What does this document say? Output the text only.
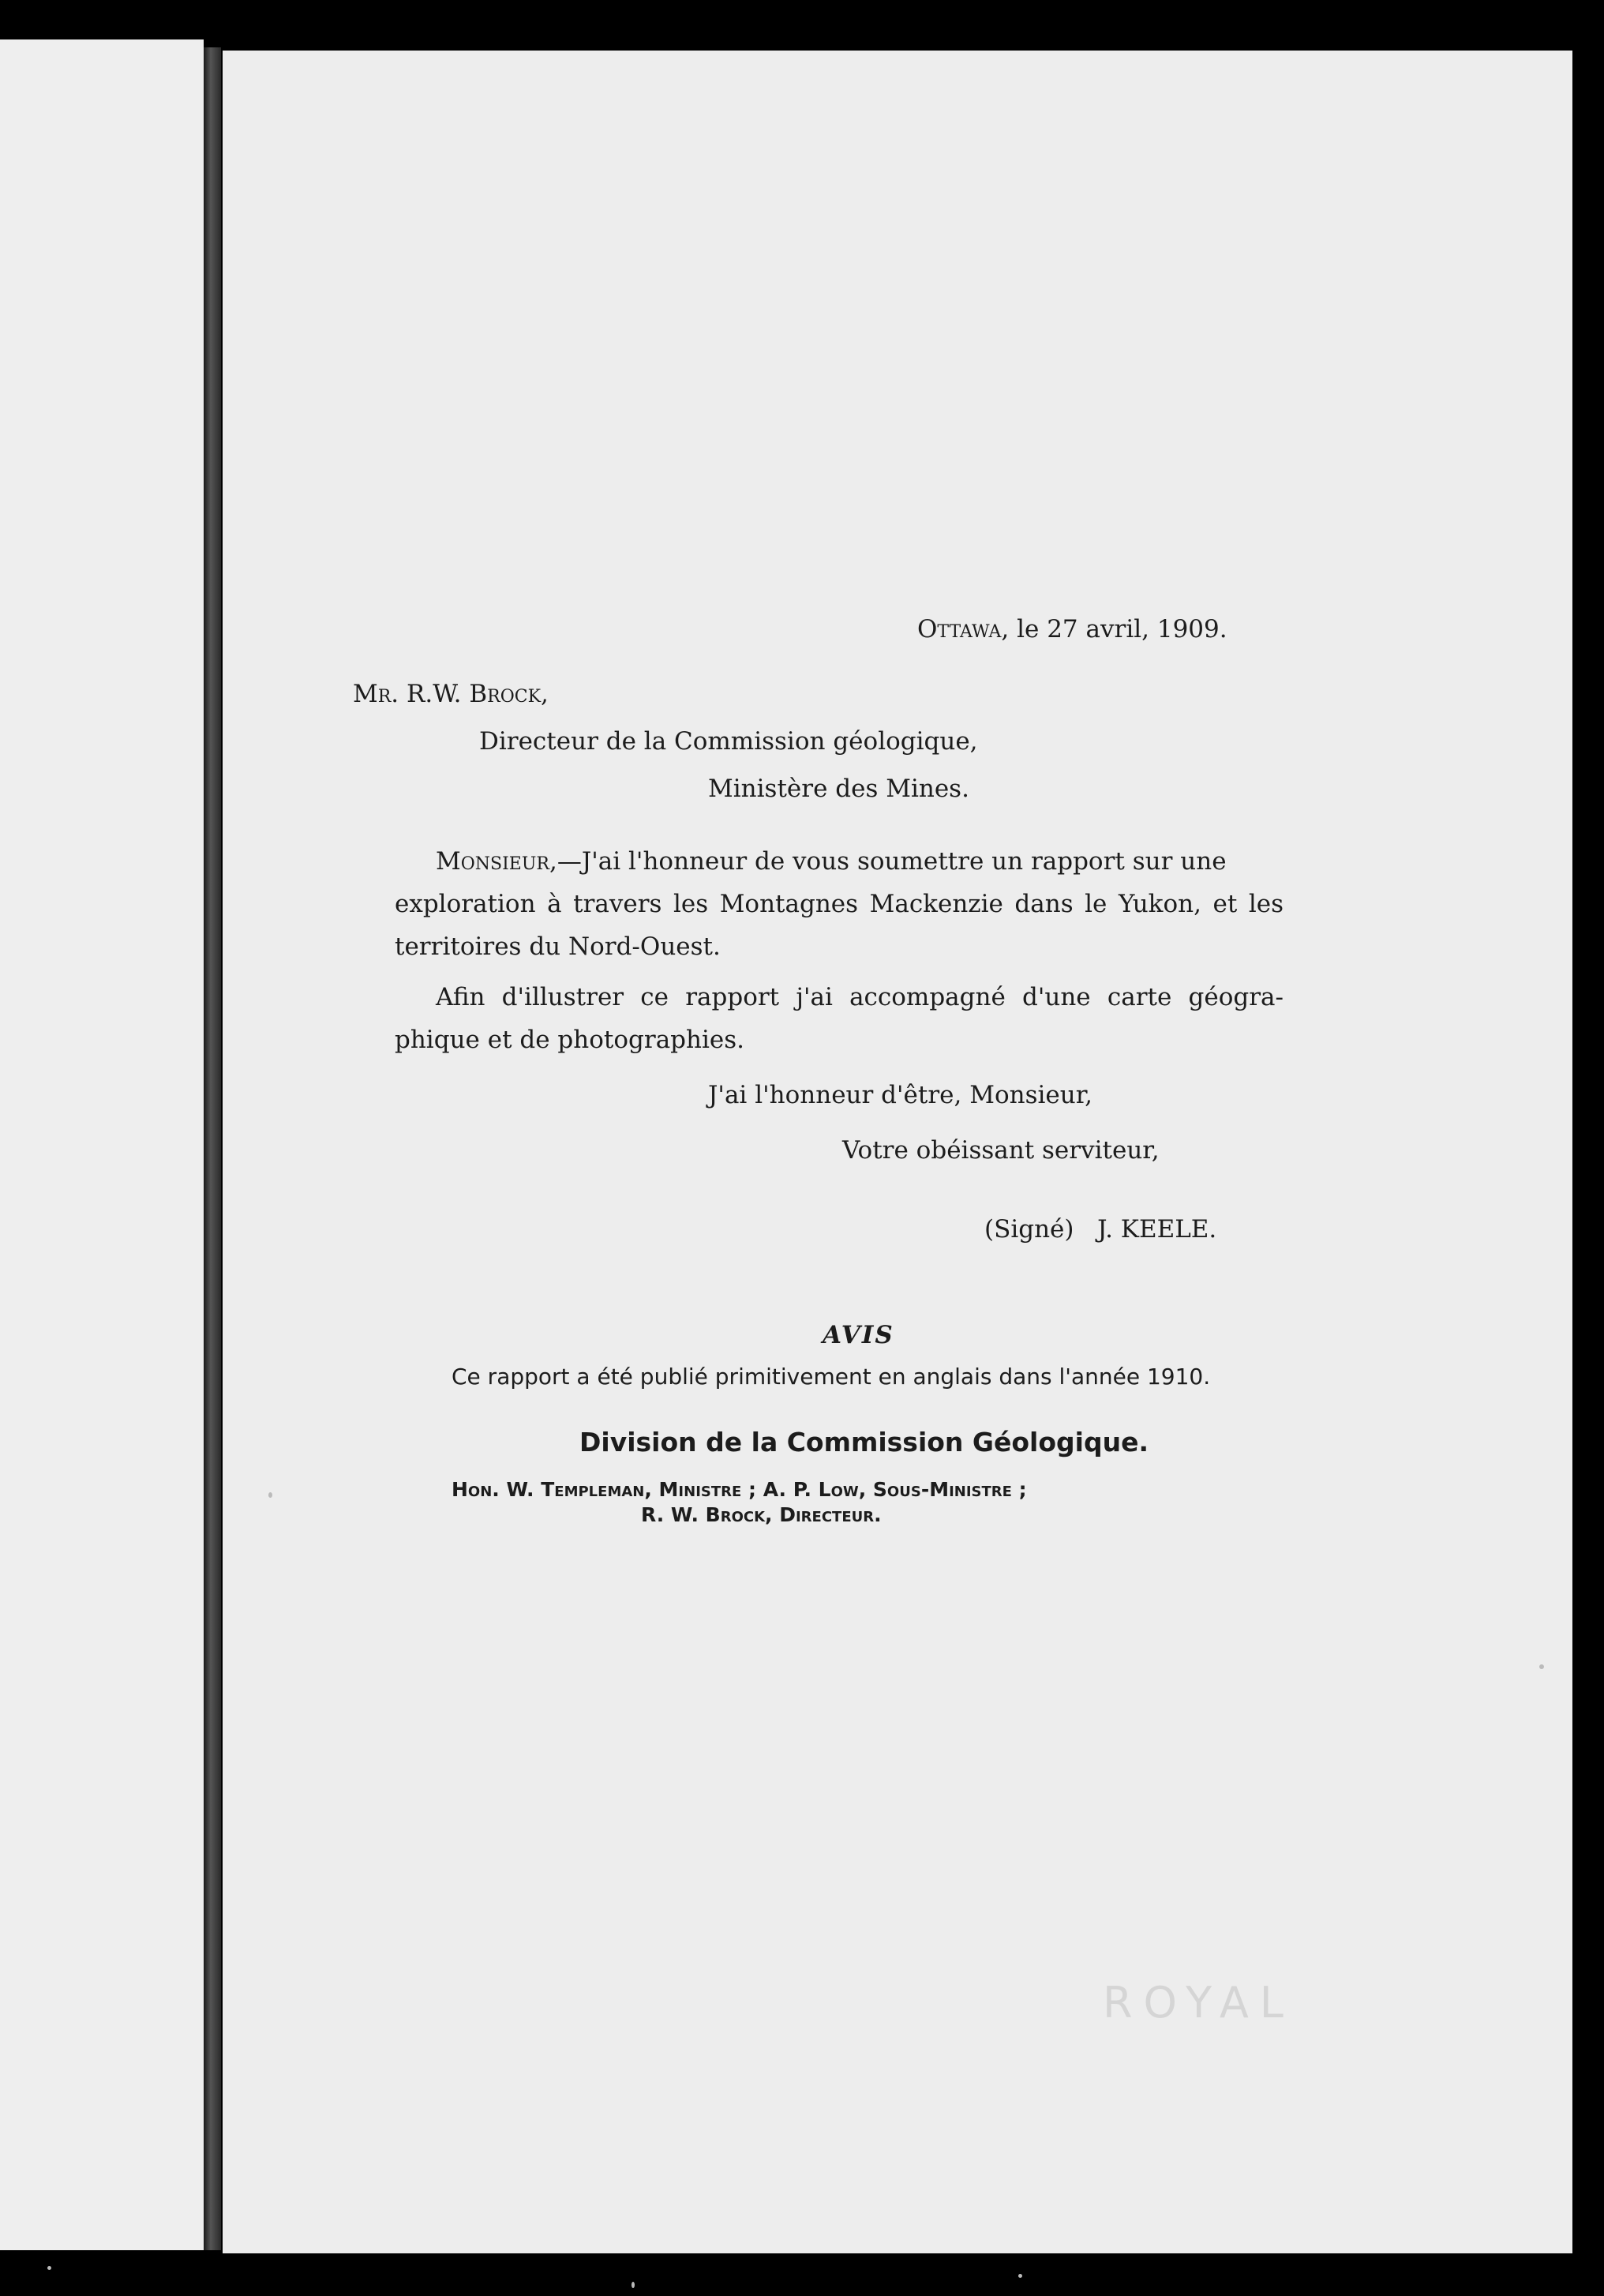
Ottawa, le 27 avril, 1909.
Mr. R.W. Brock,
Directeur de la Commission géologique,
Ministère des Mines.
Monsieur,—J'ai l'honneur de vous soumettre un rapport sur une
exploration à travers les Montagnes Mackenzie dans le Yukon, et les
territoires du Nord-Ouest.
Afin d'illustrer ce rapport j'ai accompagné d'une carte géogra-
phique et de photographies.
J'ai l'honneur d'être, Monsieur,
Votre obéissant serviteur,
(Signé) J. KEELE.
AVIS
Ce rapport a été publié primitivement en anglais dans l'année 1910.
Division de la Commission Géologique.
Hon. W. Templeman, Ministre ; A. P. Low, Sous-Ministre ;
R. W. Brock, Directeur.
ROYAL
